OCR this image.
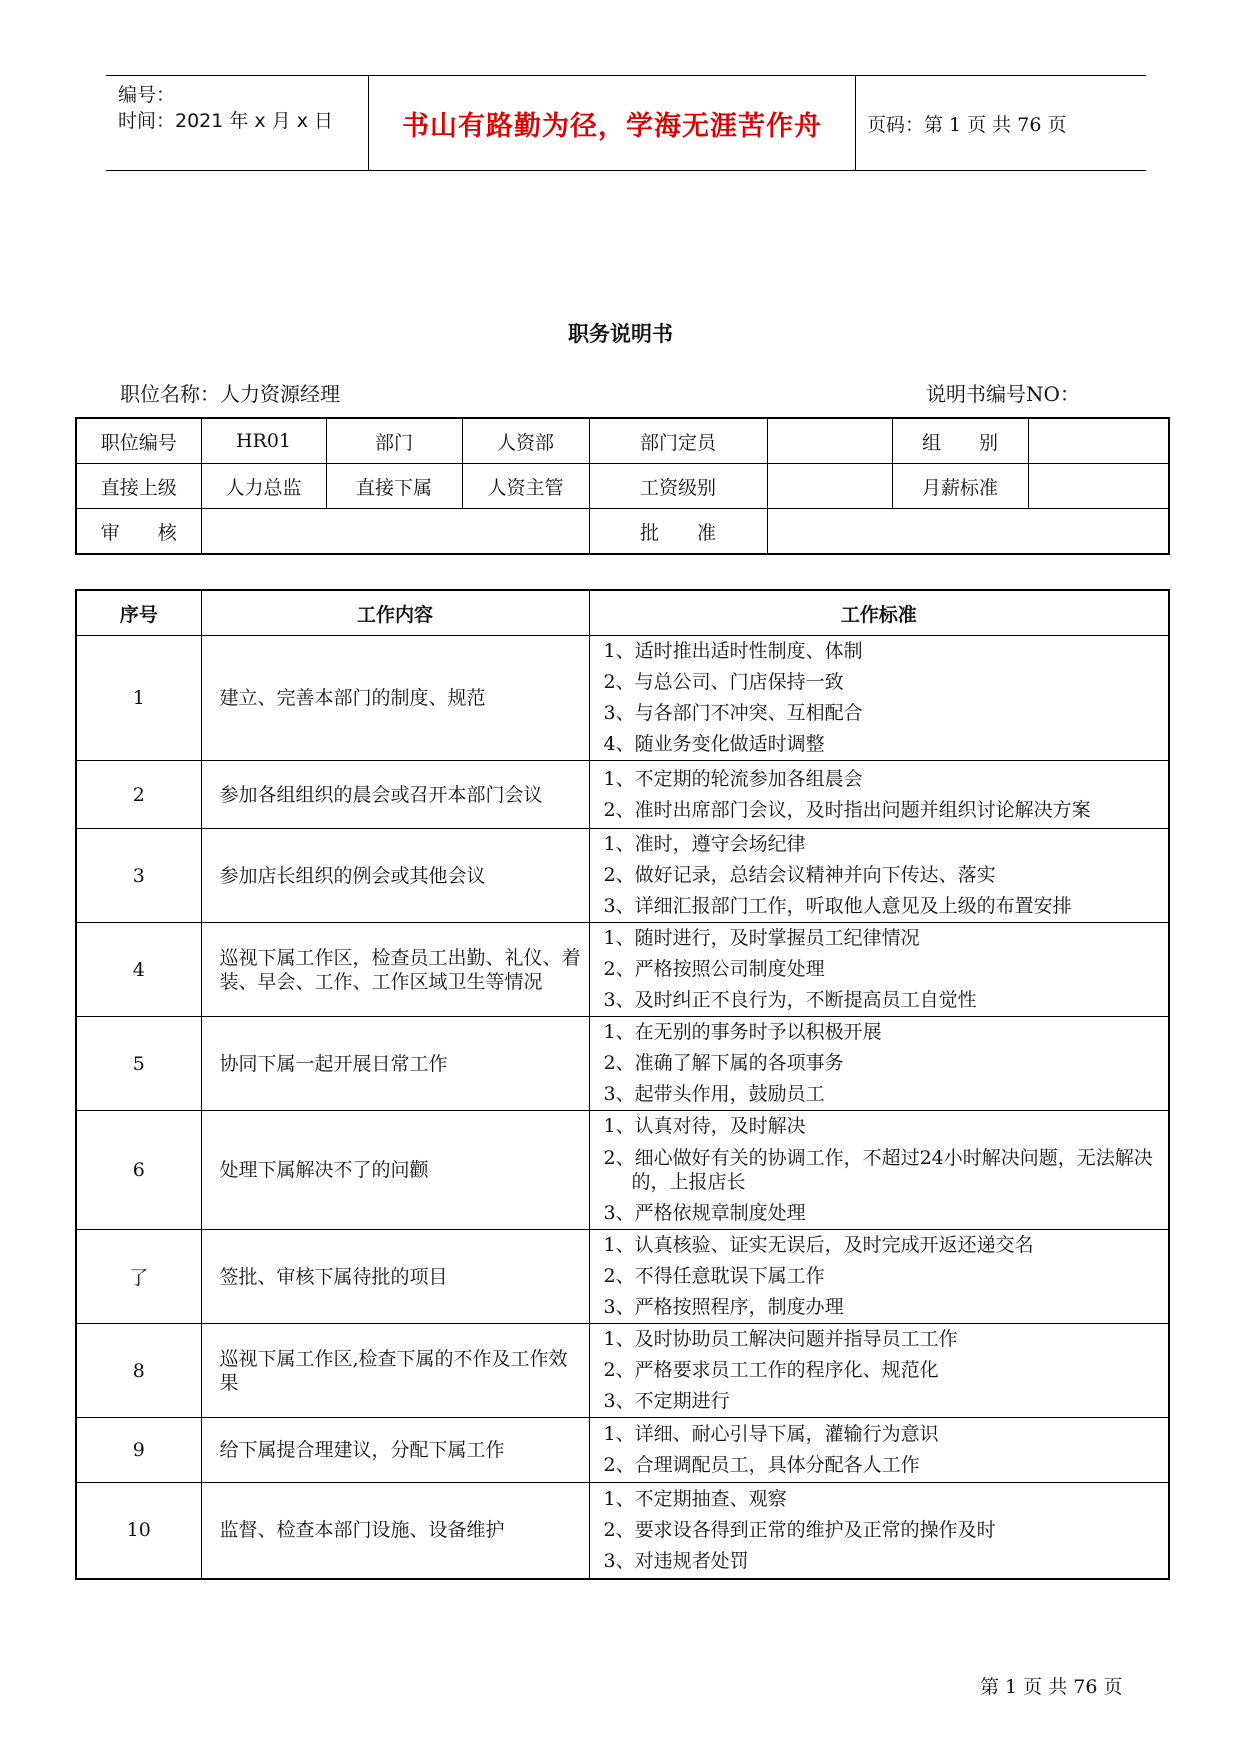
编号：
时间：2021 年 x 月 x 日	书山有路勤为径，学海无涯苦作舟	页码：第 1 页 共 76 页
职务说明书
职位名称：人力资源经理	说明书编号NO：
职位编号	HR01	部门	人资部	部门定员		组　　别	
直接上级	人力总监	直接下属	人资主管	工资级别		月薪标准	
审　　核				批　　准			
序号	工作内容	工作标准
1	建立、完善本部门的制度、规范	1、适时推出适时性制度、体制
2、与总公司、门店保持一致
3、与各部门不冲突、互相配合
4、随业务变化做适时调整

2	参加各组组织的晨会或召开本部门会议	1、不定期的轮流参加各组晨会
2、准时出席部门会议，及时指出问题并组织讨论解决方案

3	参加店长组织的例会或其他会议	1、准时，遵守会场纪律
2、做好记录，总结会议精神并向下传达、落实
3、详细汇报部门工作，听取他人意见及上级的布置安排

4	巡视下属工作区，检查员工出勤、礼仪、着装、早会、工作、工作区域卫生等情况	1、随时进行，及时掌握员工纪律情况
2、严格按照公司制度处理
3、及时纠正不良行为，不断提高员工自觉性

5	协同下属一起开展日常工作	1、在无别的事务时予以积极开展
2、准确了解下属的各项事务
3、起带头作用，鼓励员工

6	处理下属解决不了的问颧	1、认真对待，及时解决
2、细心做好有关的协调工作，不超过24小时解决问题，无法解决的，上报店长
3、严格依规章制度处理

了	签批、审核下属待批的项目	1、认真核验、证实无误后，及时完成开返还递交名
2、不得任意耽误下属工作
3、严格按照程序，制度办理

8	巡视下属工作区,检查下属的不作及工作效果	1、及时协助员工解决问题并指导员工工作
2、严格要求员工工作的程序化、规范化
3、不定期进行

9	给下属提合理建议，分配下属工作	1、详细、耐心引导下属，灌输行为意识
2、合理调配员工，具体分配各人工作

10	监督、检查本部门设施、设备维护	1、不定期抽查、观察
2、要求设各得到正常的维护及正常的操作及时
3、对违规者处罚
第 1 页 共 76 页
